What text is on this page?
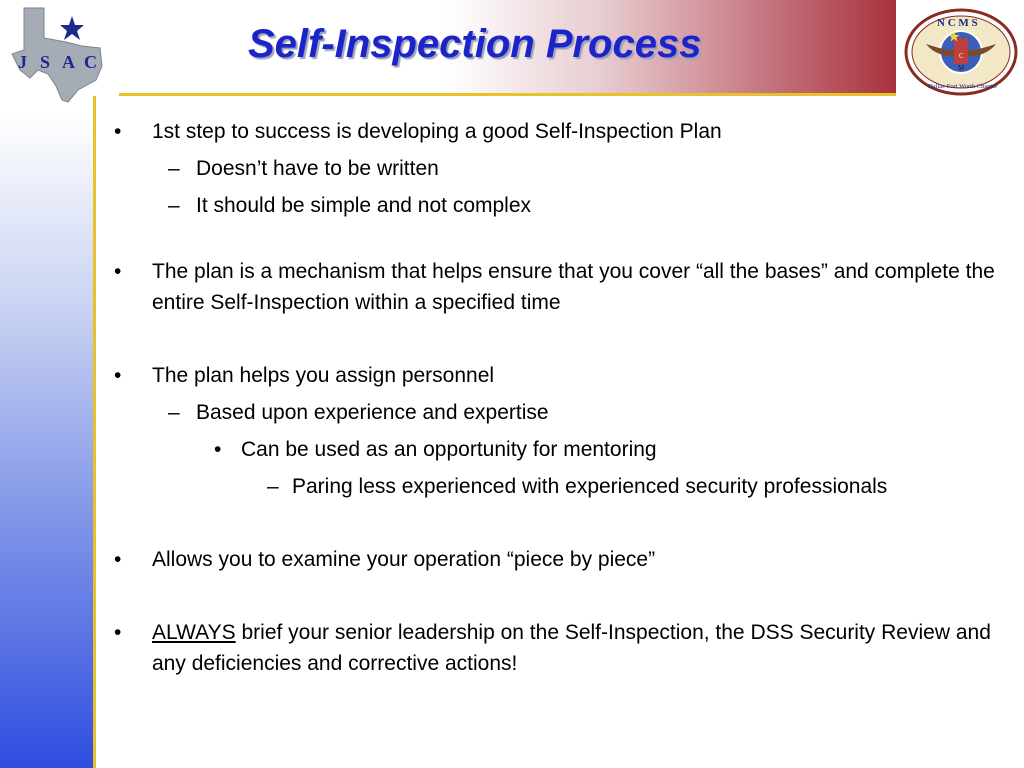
J S A C	Self-Inspection Process	C
M
N C M S
Dallas-Fort Worth Chapter
• 1st step to success is developing a good Self-Inspection Plan
– Doesn’t have to be written
– It should be simple and not complex
• The plan is a mechanism that helps ensure that you cover “all the bases” and complete the entire Self-Inspection within a specified time
• The plan helps you assign personnel
– Based upon experience and expertise
• Can be used as an opportunity for mentoring
– Paring less experienced with experienced security professionals
• Allows you to examine your operation “piece by piece”
• ALWAYS brief your senior leadership on the Self-Inspection, the DSS Security Review and any deficiencies and corrective actions!
